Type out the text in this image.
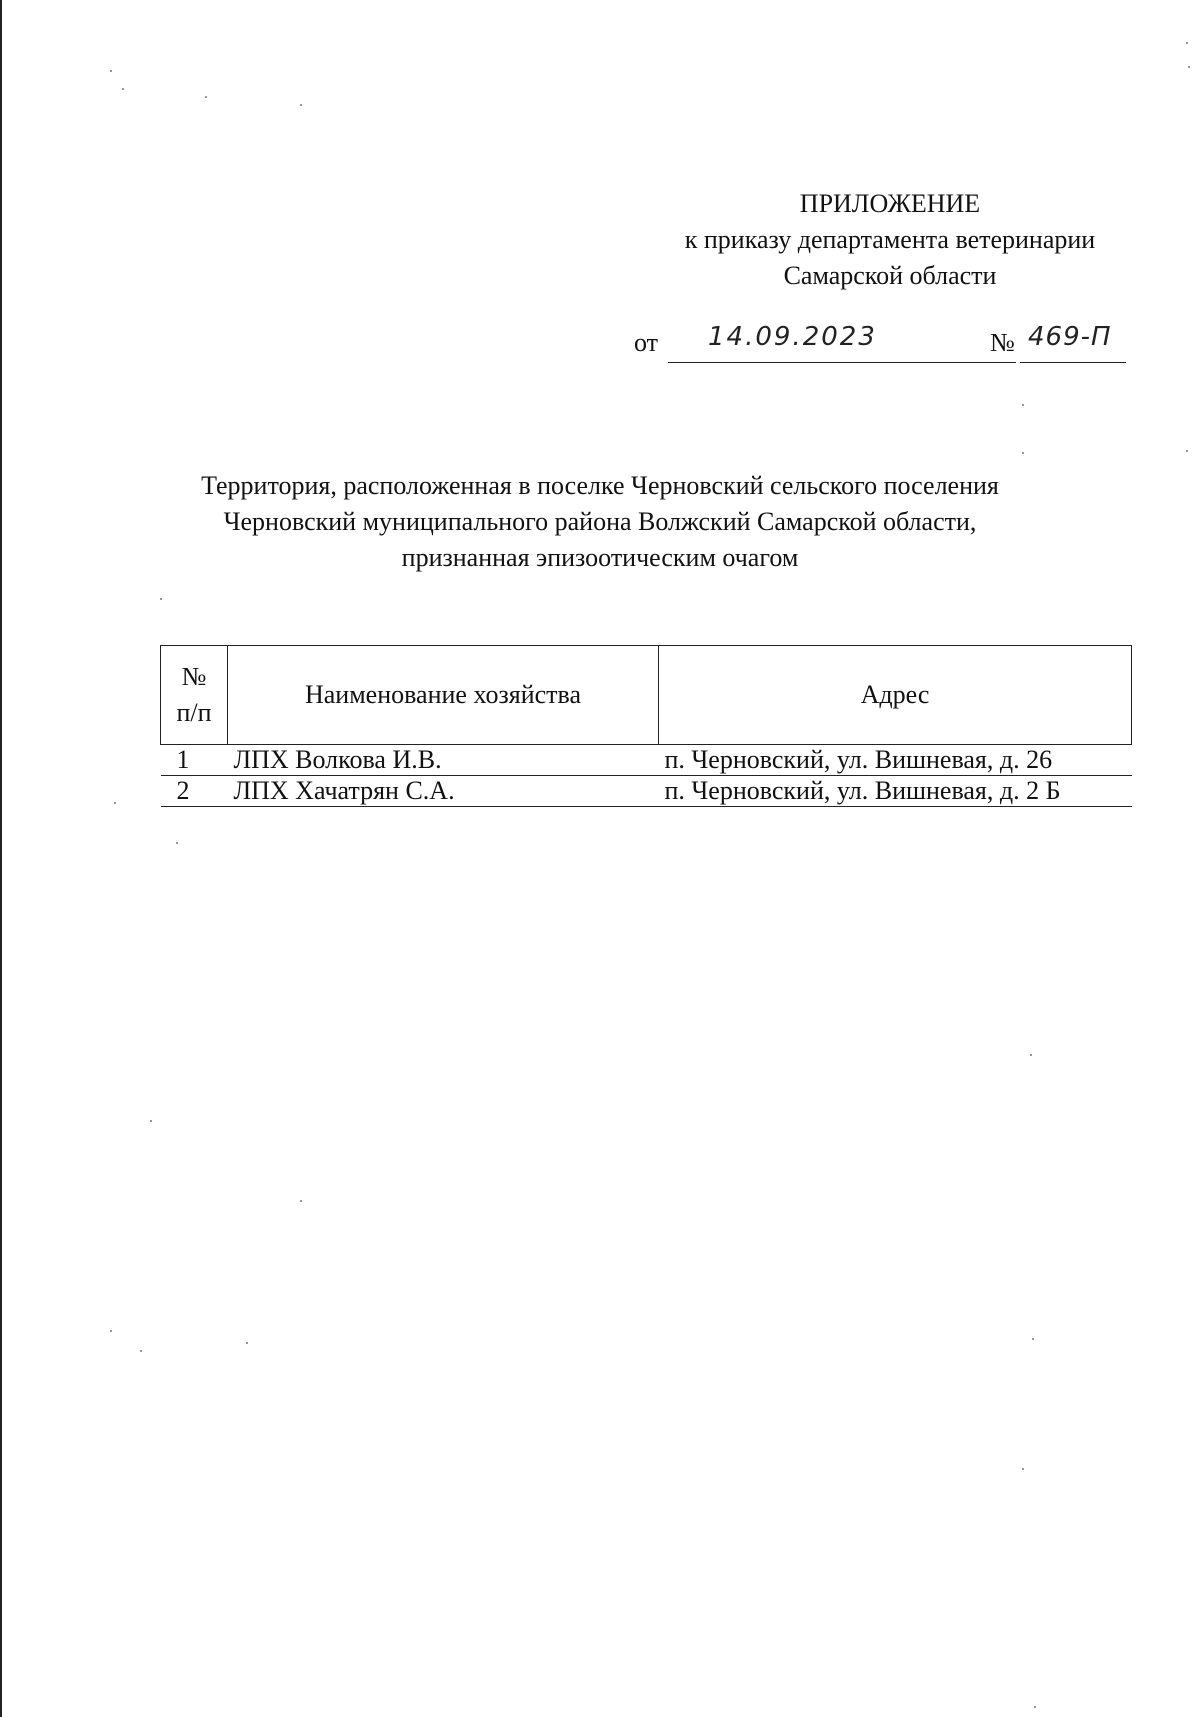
ПРИЛОЖЕНИЕ
к приказу департамента ветеринарии
Самарской области
от 14.09.2023	№ 469-П
Территория, расположенная в поселке Черновский сельского поселения
Черновский муниципального района Волжский Самарской области,
признанная эпизоотическим очагом
№
п/п	Наименование хозяйства	Адрес
1	ЛПХ Волкова И.В.	п. Черновский, ул. Вишневая, д. 26
2	ЛПХ Хачатрян С.А.	п. Черновский, ул. Вишневая, д. 2 Б
